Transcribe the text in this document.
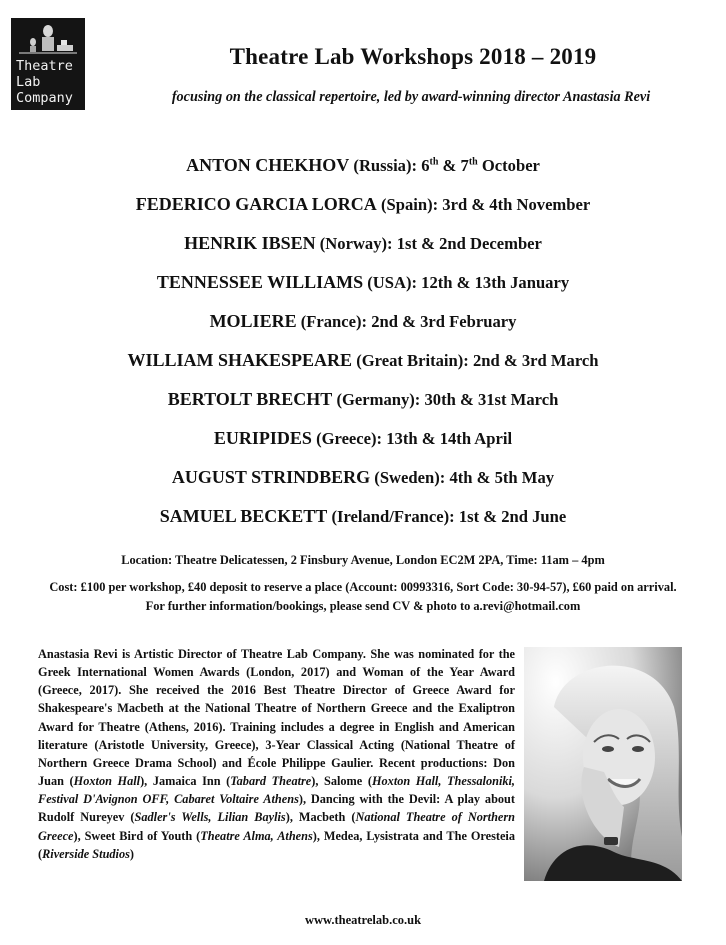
Theatre
Lab
Company
Theatre Lab Workshops 2018 – 2019

focusing on the classical repertoire, led by award-winning director Anastasia Revi

ANTON CHEKHOV (Russia): 6th & 7th October
FEDERICO GARCIA LORCA (Spain): 3rd & 4th November
HENRIK IBSEN (Norway): 1st & 2nd December
TENNESSEE WILLIAMS (USA): 12th & 13th January
MOLIERE (France): 2nd & 3rd February
WILLIAM SHAKESPEARE (Great Britain): 2nd & 3rd March
BERTOLT BRECHT (Germany): 30th & 31st March
EURIPIDES (Greece): 13th & 14th April
AUGUST STRINDBERG (Sweden): 4th & 5th May
SAMUEL BECKETT (Ireland/France): 1st & 2nd June
Location: Theatre Delicatessen, 2 Finsbury Avenue, London EC2M 2PA, Time: 11am – 4pm
Cost: £100 per workshop, £40 deposit to reserve a place (Account: 00993316, Sort Code: 30-94-57), £60 paid on arrival. For further information/bookings, please send CV & photo to a.revi@hotmail.com

Anastasia Revi is Artistic Director of Theatre Lab Company. She was nominated for the Greek International Women Awards (London, 2017) and Woman of the Year Award (Greece, 2017). She received the 2016 Best Theatre Director of Greece Award for Shakespeare's Macbeth at the National Theatre of Northern Greece and the Exaliptron Award for Theatre (Athens, 2016). Training includes a degree in English and American literature (Aristotle University, Greece), 3-Year Classical Acting (National Theatre of Northern Greece Drama School) and École Philippe Gaulier. Recent productions: Don Juan (Hoxton Hall), Jamaica Inn (Tabard Theatre), Salome (Hoxton Hall, Thessaloniki, Festival D'Avignon OFF, Cabaret Voltaire Athens), Dancing with the Devil: A play about Rudolf Nureyev (Sadler's Wells, Lilian Baylis), Macbeth (National Theatre of Northern Greece), Sweet Bird of Youth (Theatre Alma, Athens), Medea, Lysistrata and The Oresteia (Riverside Studios)

www.theatrelab.co.uk
